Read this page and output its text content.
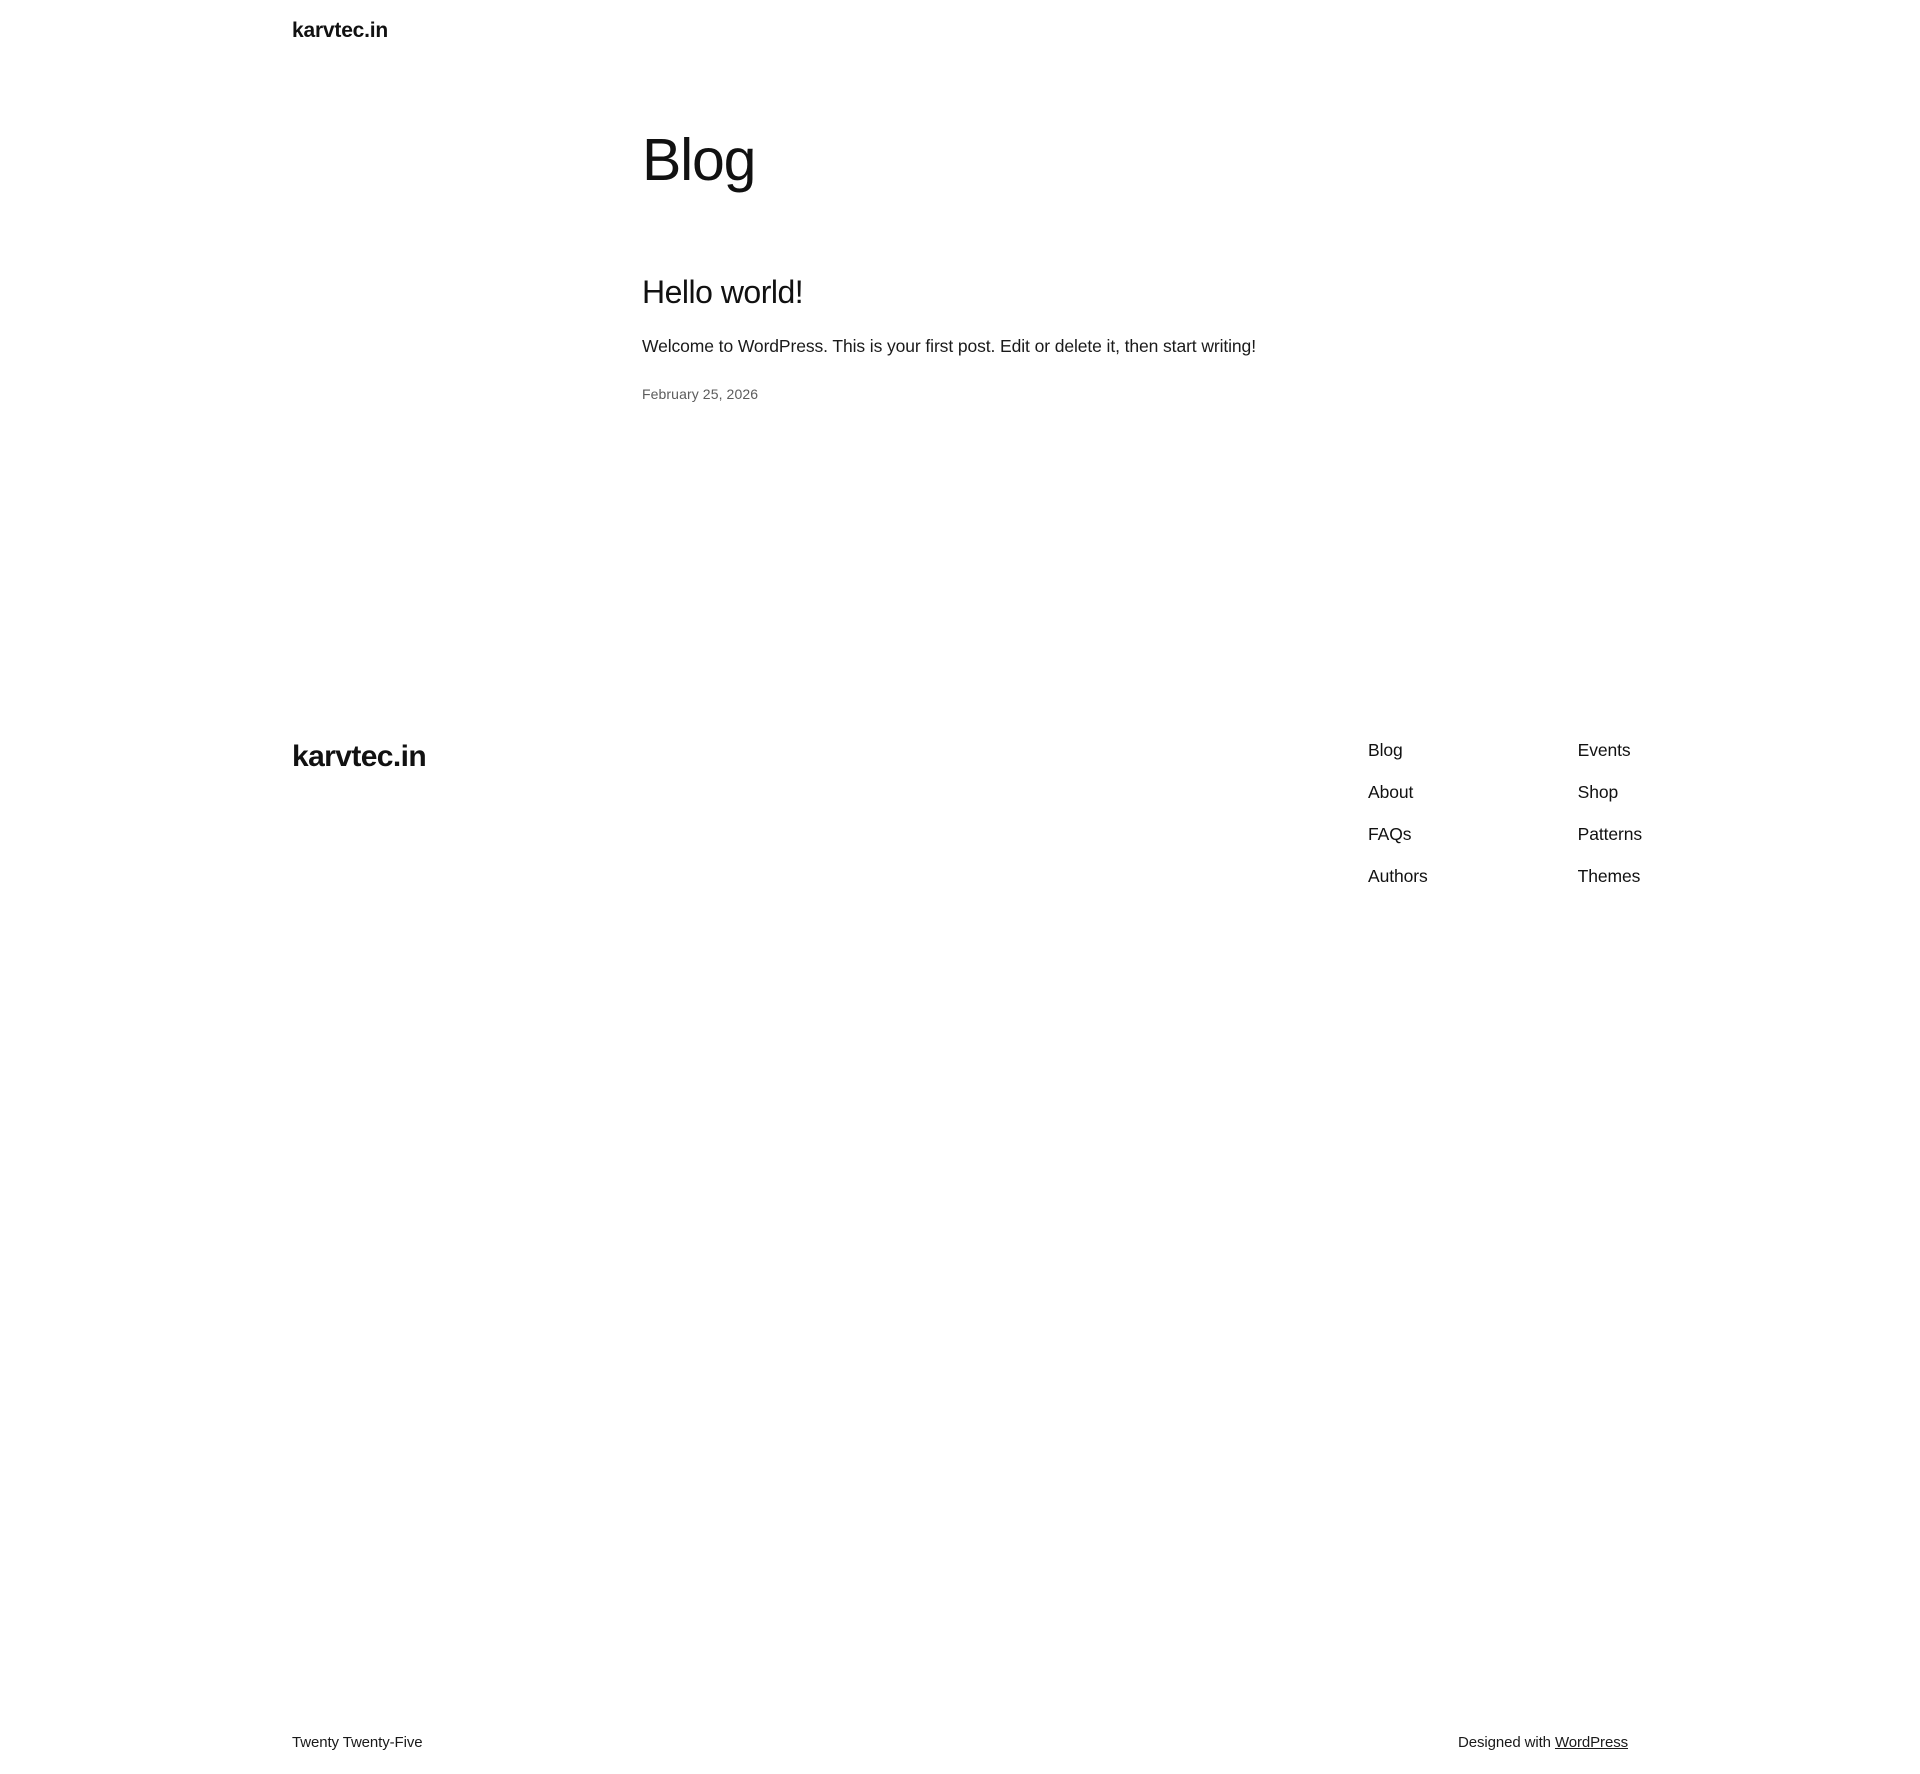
karvtec.in
Blog
Hello world!

Welcome to WordPress. This is your first post. Edit or delete it, then start writing!

February 25, 2026
karvtec.in	Blog
About
FAQs
Authors
Events
Shop
Patterns
Themes
Twenty Twenty-Five	Designed with WordPress
